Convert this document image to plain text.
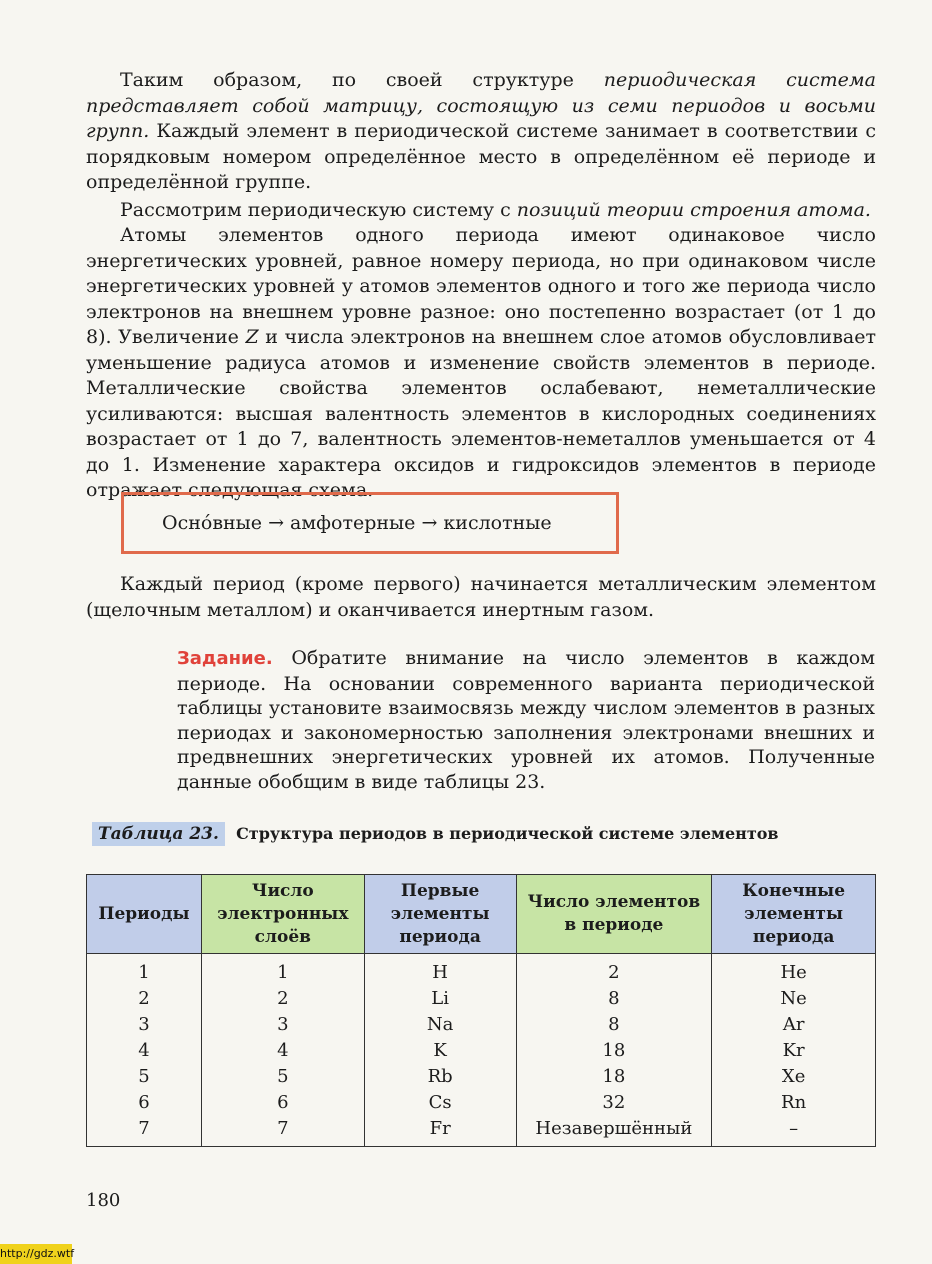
Таким образом, по своей структуре периодическая система представляет собой матрицу, состоящую из семи периодов и восьми групп. Каждый элемент в периодической системе занимает в соответствии с порядковым номером определённое место в определённом её периоде и определённой группе.

Рассмотрим периодическую систему с позиций теории строения атома.

Атомы элементов одного периода имеют одинаковое число энергетических уровней, равное номеру периода, но при одинаковом числе энергетических уровней у атомов элементов одного и того же периода число электронов на внешнем уровне разное: оно постепенно возрастает (от 1 до 8). Увеличение Z и числа электронов на внешнем слое атомов обусловливает уменьшение радиуса атомов и изменение свойств элементов в периоде. Металлические свойства элементов ослабевают, неметаллические усиливаются: высшая валентность элементов в кислородных соединениях возрастает от 1 до 7, валентность элементов-неметаллов уменьшается от 4 до 1. Изменение характера оксидов и гидроксидов элементов в периоде отражает следующая схема.

Оснóвные → амфотерные → кислотные

Каждый период (кроме первого) начинается металлическим элементом (щелочным металлом) и оканчивается инертным газом.

Задание. Обратите внимание на число элементов в каждом периоде. На основании современного варианта периодической таблицы установите взаимосвязь между числом элементов в разных периодах и закономерностью заполнения электронами внешних и предвнешних энергетических уровней их атомов. Полученные данные обобщим в виде таблицы 23.

Таблица 23. Структура периодов в периодической системе элементов
Периоды	Число электронных слоёв	Первые элементы периода	Число элементов в периоде	Конечные элементы периода
1	1	H	2	He
2	2	Li	8	Ne
3	3	Na	8	Ar
4	4	K	18	Kr
5	5	Rb	18	Xe
6	6	Cs	32	Rn
7	7	Fr	Незавершённый	–
180
http://gdz.wtf
